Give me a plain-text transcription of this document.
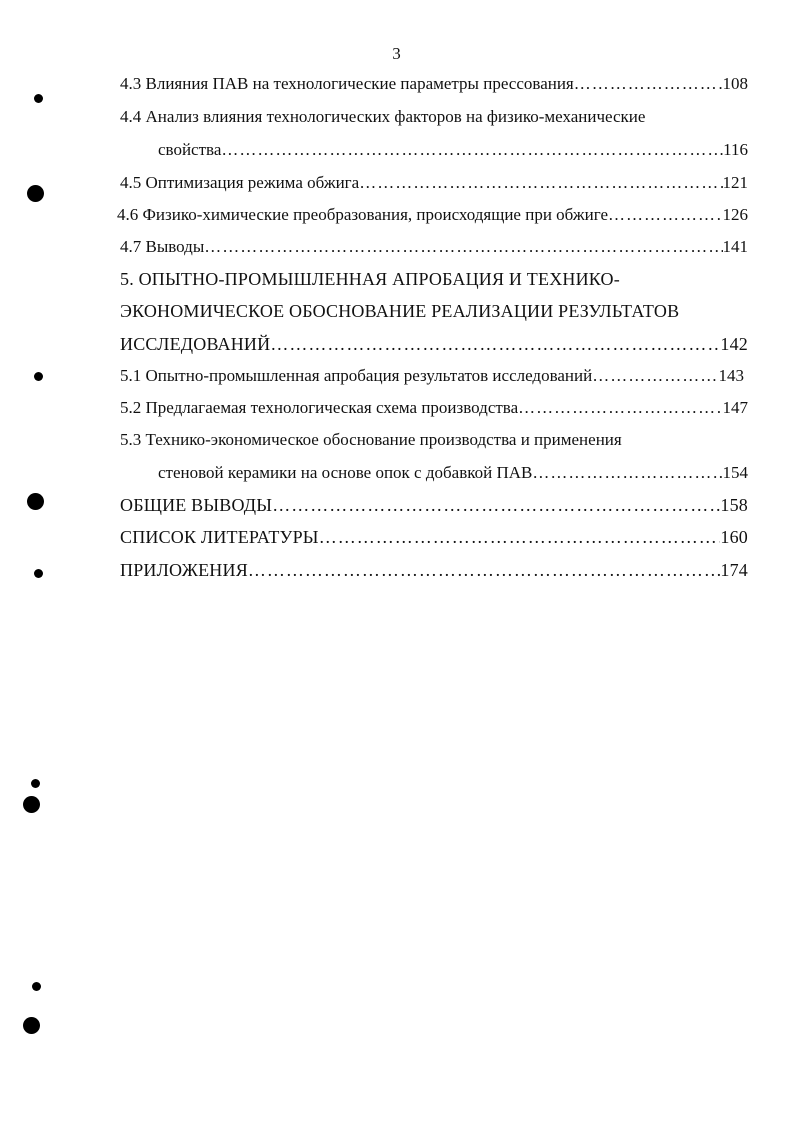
3
4.3 Влияния ПАВ на технологические параметры прессования …………………………………………………………………………………………………………………………………………………………………………………………………………	108
4.4 Анализ влияния технологических факторов на физико-механические
свойства …………………………………………………………………………………………………………………………………………………………………………………………………………	116
4.5 Оптимизация режима обжига …………………………………………………………………………………………………………………………………………………………………………………………………………	121
4.6 Физико-химические преобразования, происходящие при обжиге …………………………………………………………………………………………………………………………………………………………………………………………………………	126
4.7 Выводы …………………………………………………………………………………………………………………………………………………………………………………………………………	141
5. ОПЫТНО-ПРОМЫШЛЕННАЯ АПРОБАЦИЯ И ТЕХНИКО-
ЭКОНОМИЧЕСКОЕ ОБОСНОВАНИЕ РЕАЛИЗАЦИИ РЕЗУЛЬТАТОВ
ИССЛЕДОВАНИЙ …………………………………………………………………………………………………………………………………………………………………………………………………………	142
5.1 Опытно-промышленная апробация результатов исследований …………………………………………………………………………………………………………………………………………………………………………………………………………	143
5.2 Предлагаемая технологическая схема производства …………………………………………………………………………………………………………………………………………………………………………………………………………	147
5.3 Технико-экономическое обоснование производства и применения
стеновой керамики на основе опок с добавкой ПАВ …………………………………………………………………………………………………………………………………………………………………………………………………………	154
ОБЩИЕ ВЫВОДЫ …………………………………………………………………………………………………………………………………………………………………………………………………………	158
СПИСОК ЛИТЕРАТУРЫ …………………………………………………………………………………………………………………………………………………………………………………………………………	160
ПРИЛОЖЕНИЯ …………………………………………………………………………………………………………………………………………………………………………………………………………	174
